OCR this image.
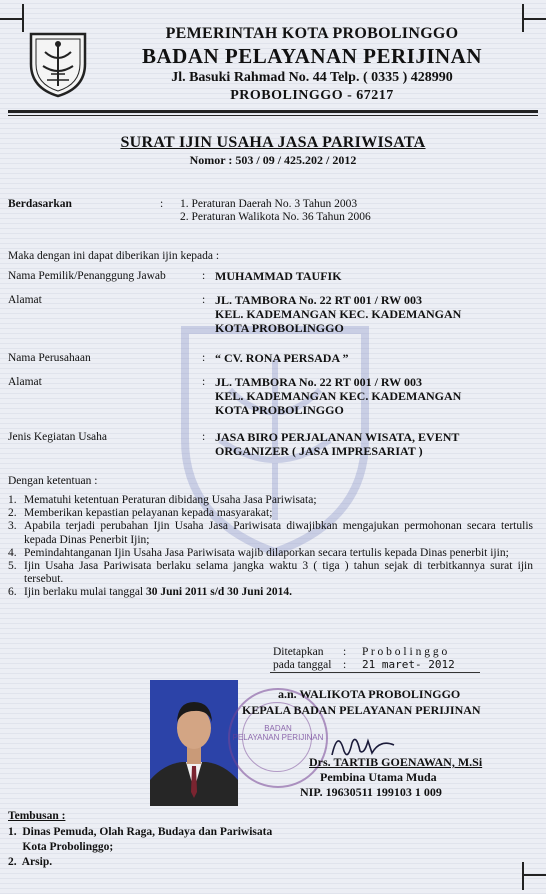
PEMERINTAH KOTA PROBOLINGGO
BADAN PELAYANAN PERIJINAN
Jl. Basuki Rahmad No. 44 Telp. ( 0335 ) 428990
PROBOLINGGO - 67217
SURAT IJIN USAHA JASA PARIWISATA
Nomor : 503 / 09 / 425.202 / 2012
Berdasarkan	: 1. Peraturan Daerah No. 3 Tahun 2003
2. Peraturan Walikota No. 36 Tahun 2006
Maka dengan ini dapat diberikan ijin kepada :
Nama Pemilik/Penanggung Jawab	: MUHAMMAD TAUFIK
Alamat	: JL. TAMBORA No. 22 RT 001 / RW 003
KEL. KADEMANGAN KEC. KADEMANGAN
KOTA PROBOLINGGO
Nama Perusahaan	: “ CV. RONA PERSADA ”
Alamat	: JL. TAMBORA No. 22 RT 001 / RW 003
KEL. KADEMANGAN KEC. KADEMANGAN
KOTA PROBOLINGGO
Jenis Kegiatan Usaha	: JASA BIRO PERJALANAN WISATA, EVENT
ORGANIZER ( JASA IMPRESARIAT )
Dengan ketentuan :
1. Mematuhi ketentuan Peraturan dibidang Usaha Jasa Pariwisata;
2. Memberikan kepastian pelayanan kepada masyarakat;
3. Apabila terjadi perubahan Ijin Usaha Jasa Pariwisata diwajibkan mengajukan permohonan secara tertulis kepada Dinas Penerbit Ijin;
4. Pemindahtanganan Ijin Usaha Jasa Pariwisata wajib dilaporkan secara tertulis kepada Dinas penerbit ijin;
5. Ijin Usaha Jasa Pariwisata berlaku selama jangka waktu 3 ( tiga ) tahun sejak di terbitkannya surat ijin tersebut.
6. Ijin berlaku mulai tanggal 30 Juni 2011 s/d 30 Juni 2014.
Ditetapkan : P r o b o l i n g g o
pada tanggal : 21 maret- 2012
BADAN
PELAYANAN PERIJINAN
a.n. WALIKOTA PROBOLINGGO
KEPALA BADAN PELAYANAN PERIJINAN
Drs. TARTIB GOENAWAN, M.Si
Pembina Utama Muda
NIP. 19630511 199103 1 009
Tembusan :
1.  Dinas Pemuda, Olah Raga, Budaya dan Pariwisata
Kota Probolinggo;
2.  Arsip.
